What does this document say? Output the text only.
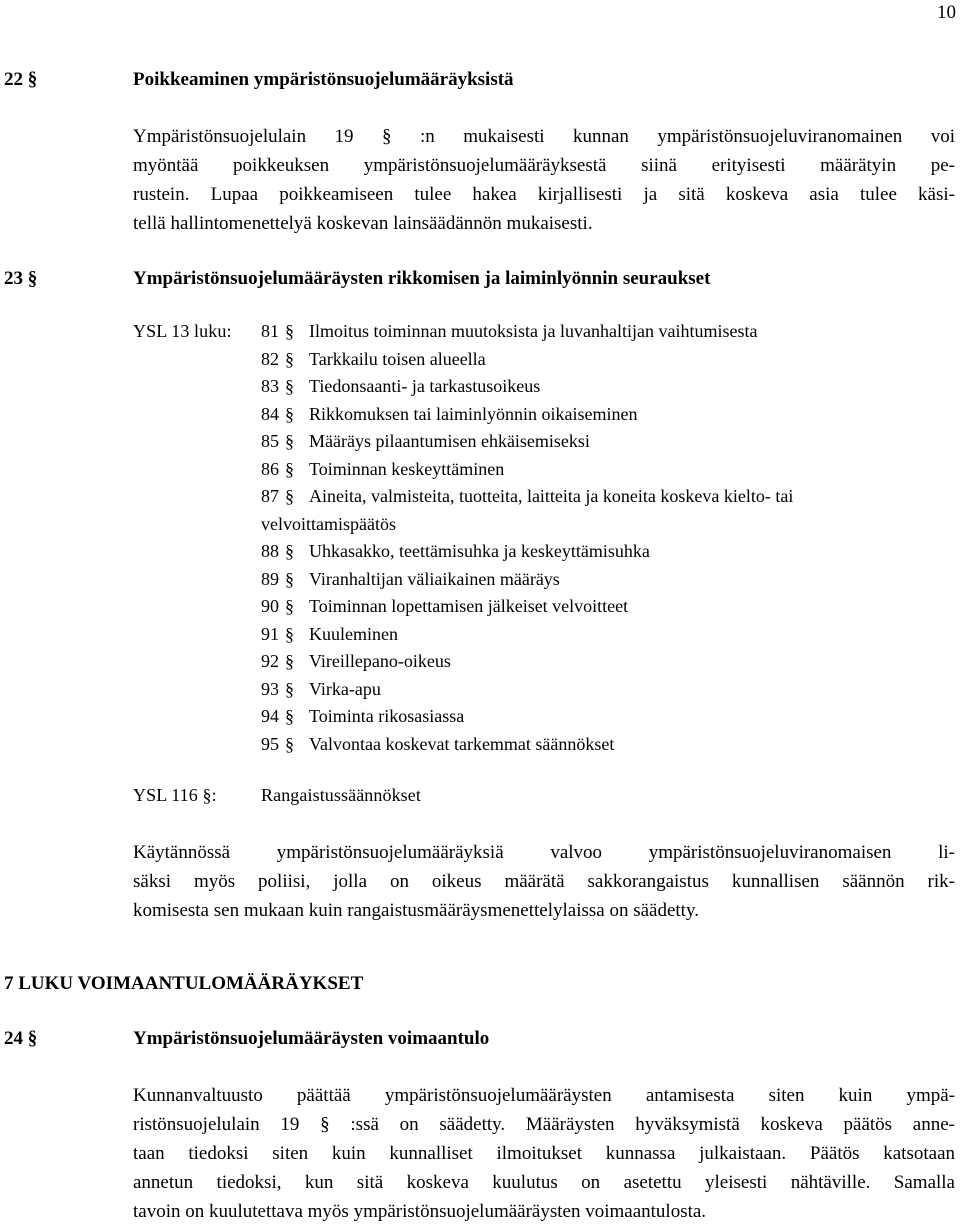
10
22 §	Poikkeaminen ympäristönsuojelumääräyksistä
Ympäristönsuojelulain 19 § :n mukaisesti kunnan ympäristönsuojeluviranomainen voi
myöntää poikkeuksen ympäristönsuojelumääräyksestä siinä erityisesti määrätyin pe-
rustein. Lupaa poikkeamiseen tulee hakea kirjallisesti ja sitä koskeva asia tulee käsi-
tellä hallintomenettelyä koskevan lainsäädännön mukaisesti.
23 §	Ympäristönsuojelumääräysten rikkomisen ja laiminlyönnin seuraukset
YSL 13 luku: 81 § Ilmoitus toiminnan muutoksista ja luvanhaltijan vaihtumisesta
82 § Tarkkailu toisen alueella
83 § Tiedonsaanti- ja tarkastusoikeus
84 § Rikkomuksen tai laiminlyönnin oikaiseminen
85 § Määräys pilaantumisen ehkäisemiseksi
86 § Toiminnan keskeyttäminen
87 § Aineita, valmisteita, tuotteita, laitteita ja koneita koskeva kielto- tai
velvoittamispäätös
88 § Uhkasakko, teettämisuhka ja keskeyttämisuhka
89 § Viranhaltijan väliaikainen määräys
90 § Toiminnan lopettamisen jälkeiset velvoitteet
91 § Kuuleminen
92 § Vireillepano-oikeus
93 § Virka-apu
94 § Toiminta rikosasiassa
95 § Valvontaa koskevat tarkemmat säännökset
YSL 116 §: Rangaistussäännökset
Käytännössä ympäristönsuojelumääräyksiä valvoo ympäristönsuojeluviranomaisen li-
säksi myös poliisi, jolla on oikeus määrätä sakkorangaistus kunnallisen säännön rik-
komisesta sen mukaan kuin rangaistusmääräysmenettelylaissa on säädetty.
7 LUKU VOIMAANTULOMÄÄRÄYKSET
24 §	Ympäristönsuojelumääräysten voimaantulo
Kunnanvaltuusto päättää ympäristönsuojelumääräysten antamisesta siten kuin ympä-
ristönsuojelulain 19 § :ssä on säädetty. Määräysten hyväksymistä koskeva päätös anne-
taan tiedoksi siten kuin kunnalliset ilmoitukset kunnassa julkaistaan. Päätös katsotaan
annetun tiedoksi, kun sitä koskeva kuulutus on asetettu yleisesti nähtäville. Samalla
tavoin on kuulutettava myös ympäristönsuojelumääräysten voimaantulosta.
